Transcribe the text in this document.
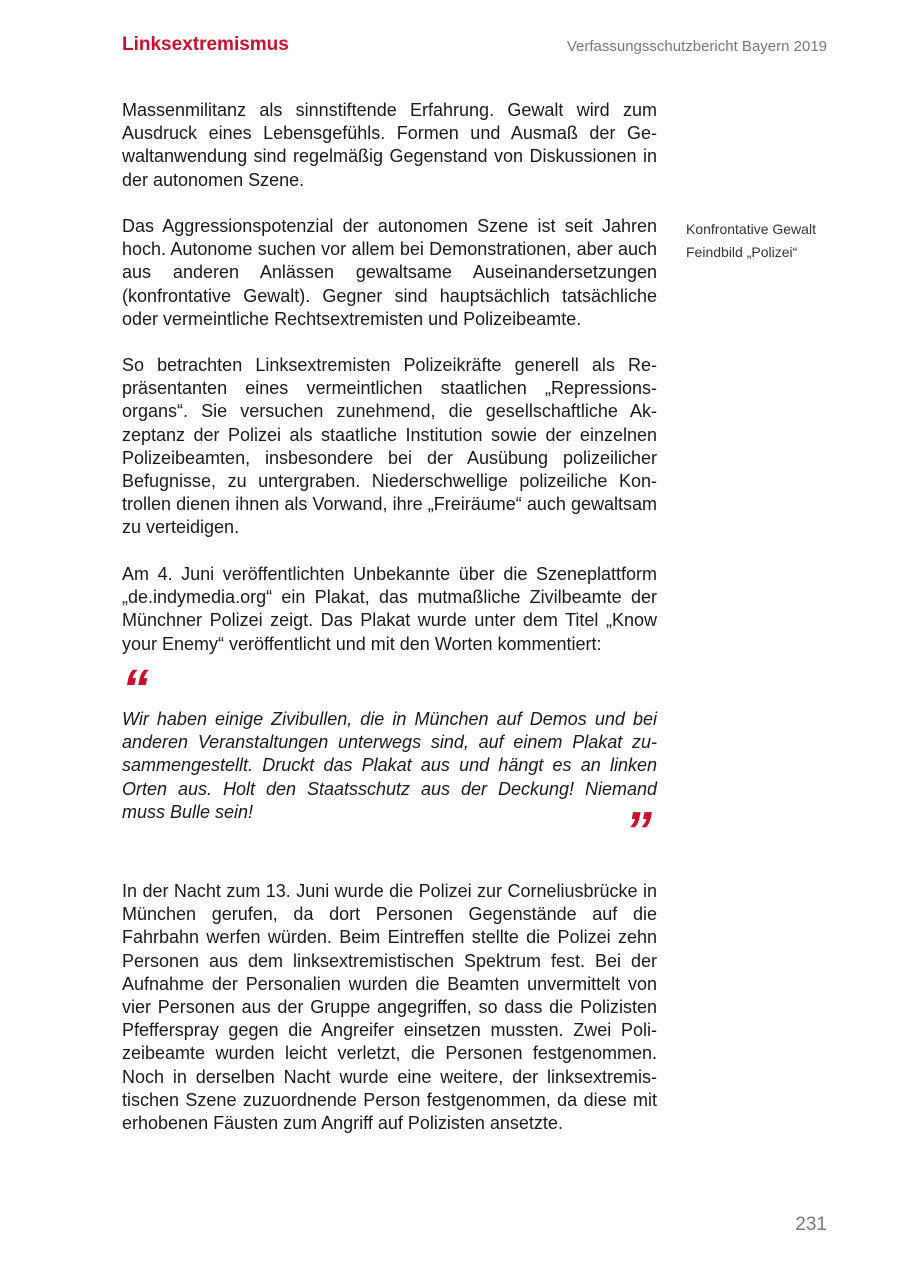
Linksextremismus	Verfassungsschutzbericht Bayern 2019

Massenmilitanz als sinnstiftende Erfahrung. Gewalt wird zum Ausdruck eines Lebensgefühls. Formen und Ausmaß der Gewaltanwendung sind regelmäßig Gegenstand von Diskussionen in der autonomen Szene.

Das Aggressionspotenzial der autonomen Szene ist seit Jahren hoch. Autonome suchen vor allem bei Demonstrationen, aber auch aus anderen Anlässen gewaltsame Auseinandersetzungen (konfrontative Gewalt). Gegner sind hauptsächlich tatsächliche oder vermeintliche Rechtsextremisten und Polizeibeamte.

So betrachten Linksextremisten Polizeikräfte generell als Repräsentanten eines vermeintlichen staatlichen „Repressionsorgans“. Sie versuchen zunehmend, die gesellschaftliche Akzeptanz der Polizei als staatliche Institution sowie der einzelnen Polizeibeamten, insbesondere bei der Ausübung polizeilicher Befugnisse, zu untergraben. Niederschwellige polizeiliche Kontrollen dienen ihnen als Vorwand, ihre „Freiräume“ auch gewaltsam zu verteidigen.

Am 4. Juni veröffentlichten Unbekannte über die Szeneplattform „de.indymedia.org“ ein Plakat, das mutmaßliche Zivilbeamte der Münchner Polizei zeigt. Das Plakat wurde unter dem Titel „Know your Enemy“ veröffentlicht und mit den Worten kommentiert:

“

Wir haben einige Zivibullen, die in München auf Demos und bei anderen Veranstaltungen unterwegs sind, auf einem Plakat zusammengestellt. Druckt das Plakat aus und hängt es an linken Orten aus. Holt den Staatsschutz aus der Deckung! Niemand muss Bulle sein!	”

In der Nacht zum 13. Juni wurde die Polizei zur Corneliusbrücke in München gerufen, da dort Personen Gegenstände auf die Fahrbahn werfen würden. Beim Eintreffen stellte die Polizei zehn Personen aus dem linksextremistischen Spektrum fest. Bei der Aufnahme der Personalien wurden die Beamten unvermittelt von vier Personen aus der Gruppe angegriffen, so dass die Polizisten Pfefferspray gegen die Angreifer einsetzen mussten. Zwei Polizeibeamte wurden leicht verletzt, die Personen festgenommen. Noch in derselben Nacht wurde eine weitere, der linksextremistischen Szene zuzuordnende Person festgenommen, da diese mit erhobenen Fäusten zum Angriff auf Polizisten ansetzte.

Konfrontative Gewalt
Feindbild „Polizei“
231
